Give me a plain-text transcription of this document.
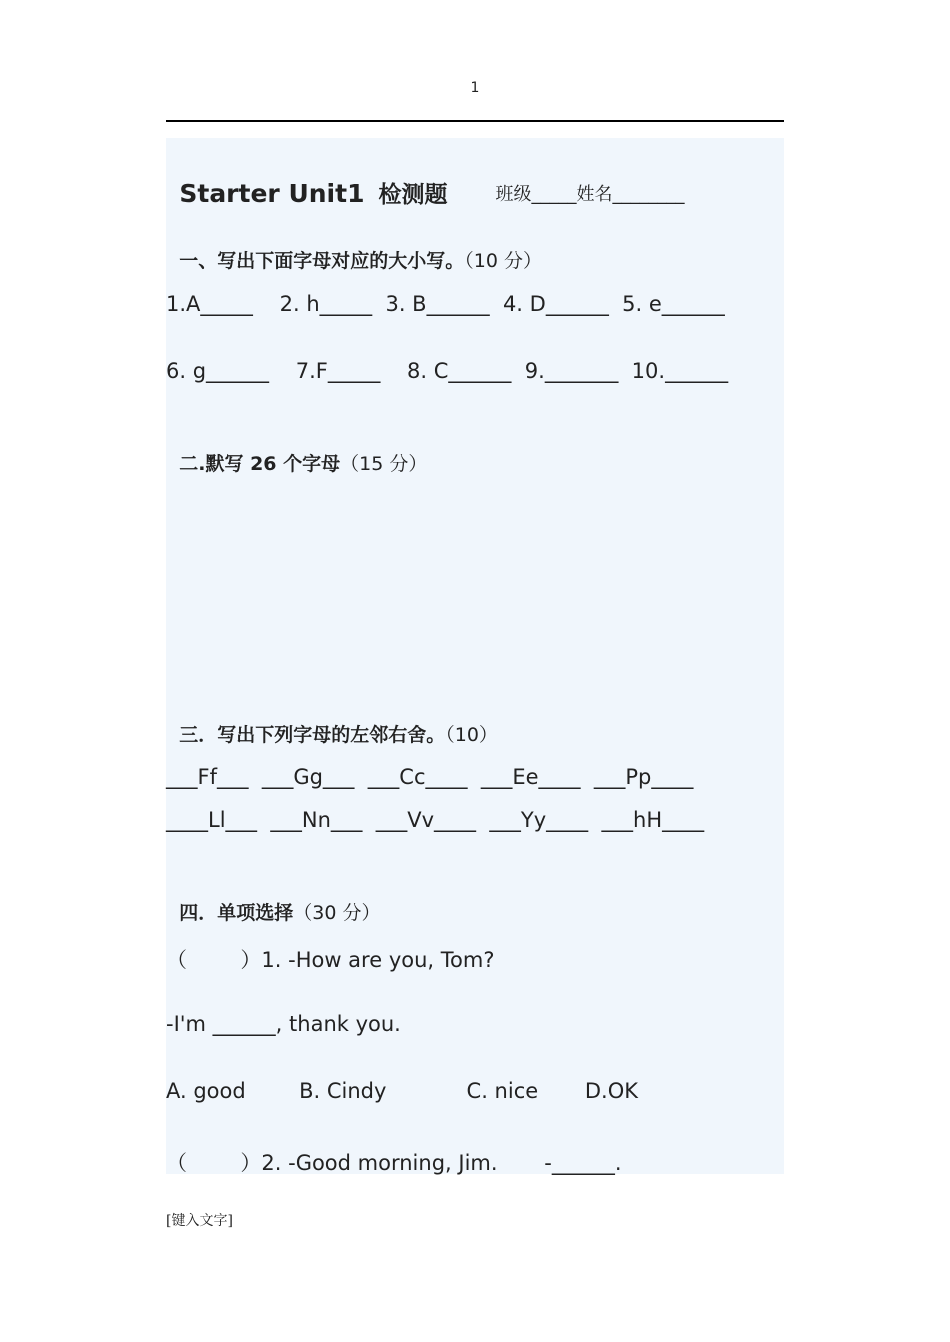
1

Starter Unit1 检测题	班级_____姓名________

一、写出下面字母对应的大小写。（10 分）

1.A_____    2. h_____  3. B______  4. D______  5. e______
6. g______    7.F_____    8. C______  9._______  10.______

二.默写 26 个字母（15 分）

三．写出下列字母的左邻右舍。（10）

___Ff___  ___Gg___  ___Cc____  ___Ee____  ___Pp____
____Ll___  ___Nn___  ___Vv____  ___Yy____  ___hH____

四．单项选择（30 分）

（        ）1. -How are you, Tom?
-I'm ______, thank you.
A. good        B. Cindy            C. nice       D.OK
（        ）2. -Good morning, Jim.       -______.
[键入文字]
